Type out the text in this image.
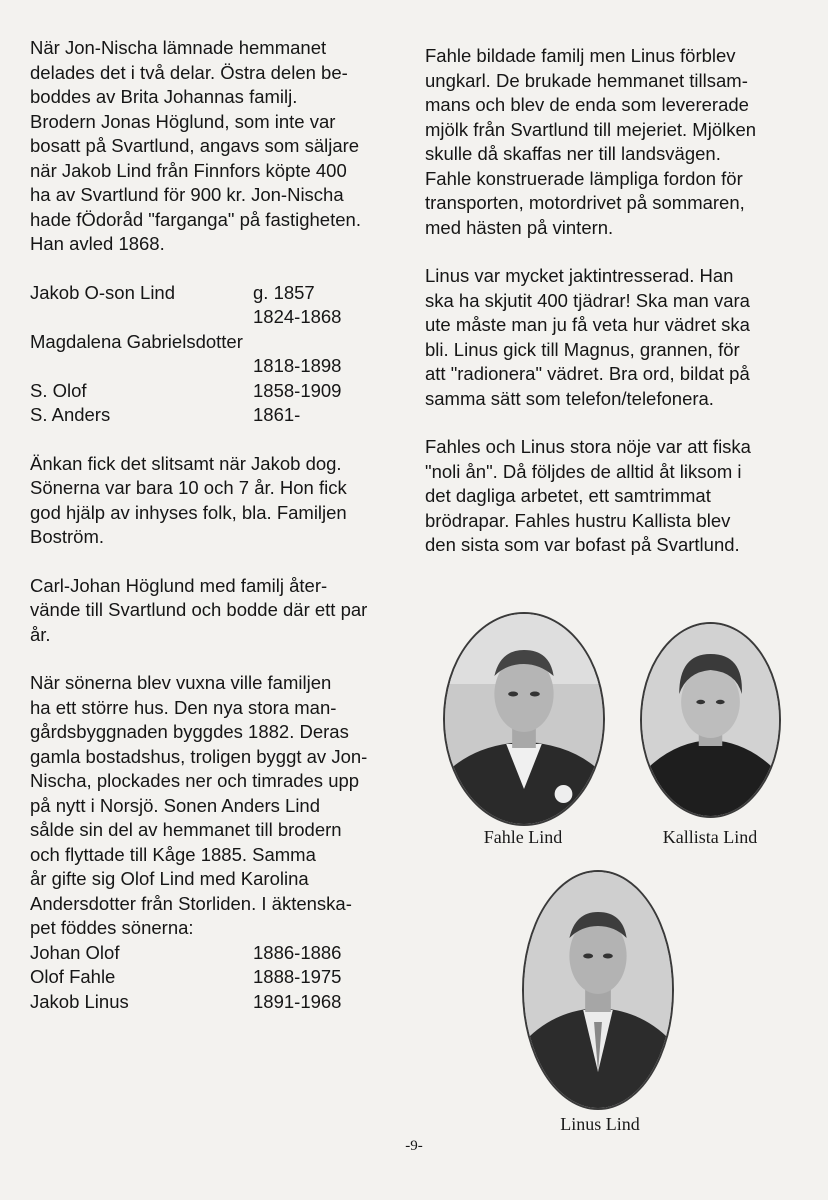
När Jon-Nischa lämnade hemmanet
delades det i två delar. Östra delen be-
boddes av Brita Johannas familj.
Brodern Jonas Höglund, som inte var
bosatt på Svartlund, angavs som säljare
när Jakob Lind från Finnfors köpte 400
ha av Svartlund för 900 kr. Jon-Nischa
hade fÖdoråd "farganga" på fastigheten.
Han avled 1868.

Jakob O-son Lind	g. 1857
1824-1868
Magdalena Gabrielsdotter
1818-1898
S. Olof	1858-1909
S. Anders	1861-

Änkan fick det slitsamt när Jakob dog.
Sönerna var bara 10 och 7 år. Hon fick
god hjälp av inhyses folk, bla. Familjen
Boström.

Carl-Johan Höglund med familj åter-
vände till Svartlund och bodde där ett par
år.

När sönerna blev vuxna ville familjen
ha ett större hus. Den nya stora man-
gårdsbyggnaden byggdes 1882. Deras
gamla bostadshus, troligen byggt av Jon-
Nischa, plockades ner och timrades upp
på nytt i Norsjö. Sonen Anders Lind
sålde sin del av hemmanet till brodern
och flyttade till Kåge 1885. Samma
år gifte sig Olof Lind med Karolina
Andersdotter från Storliden. I äktenska-
pet föddes sönerna:

Johan Olof	1886-1886
Olof Fahle	1888-1975
Jakob Linus	1891-1968

Fahle bildade familj men Linus förblev
ungkarl. De brukade hemmanet tillsam-
mans och blev de enda som levererade
mjölk från Svartlund till mejeriet. Mjölken
skulle då skaffas ner till landsvägen.
Fahle konstruerade lämpliga fordon för
transporten, motordrivet på sommaren,
med hästen på vintern.

Linus var mycket jaktintresserad. Han
ska ha skjutit 400 tjädrar! Ska man vara
ute måste man ju få veta hur vädret ska
bli. Linus gick till Magnus, grannen, för
att "radionera" vädret. Bra ord, bildat på
samma sätt som telefon/telefonera.

Fahles och Linus stora nöje var att fiska
"noli ån". Då följdes de alltid åt liksom i
det dagliga arbetet, ett samtrimmat
brödrapar. Fahles hustru Kallista blev
den sista som var bofast på Svartlund.

Fahle Lind	Kallista Lind
Linus Lind
-9-
